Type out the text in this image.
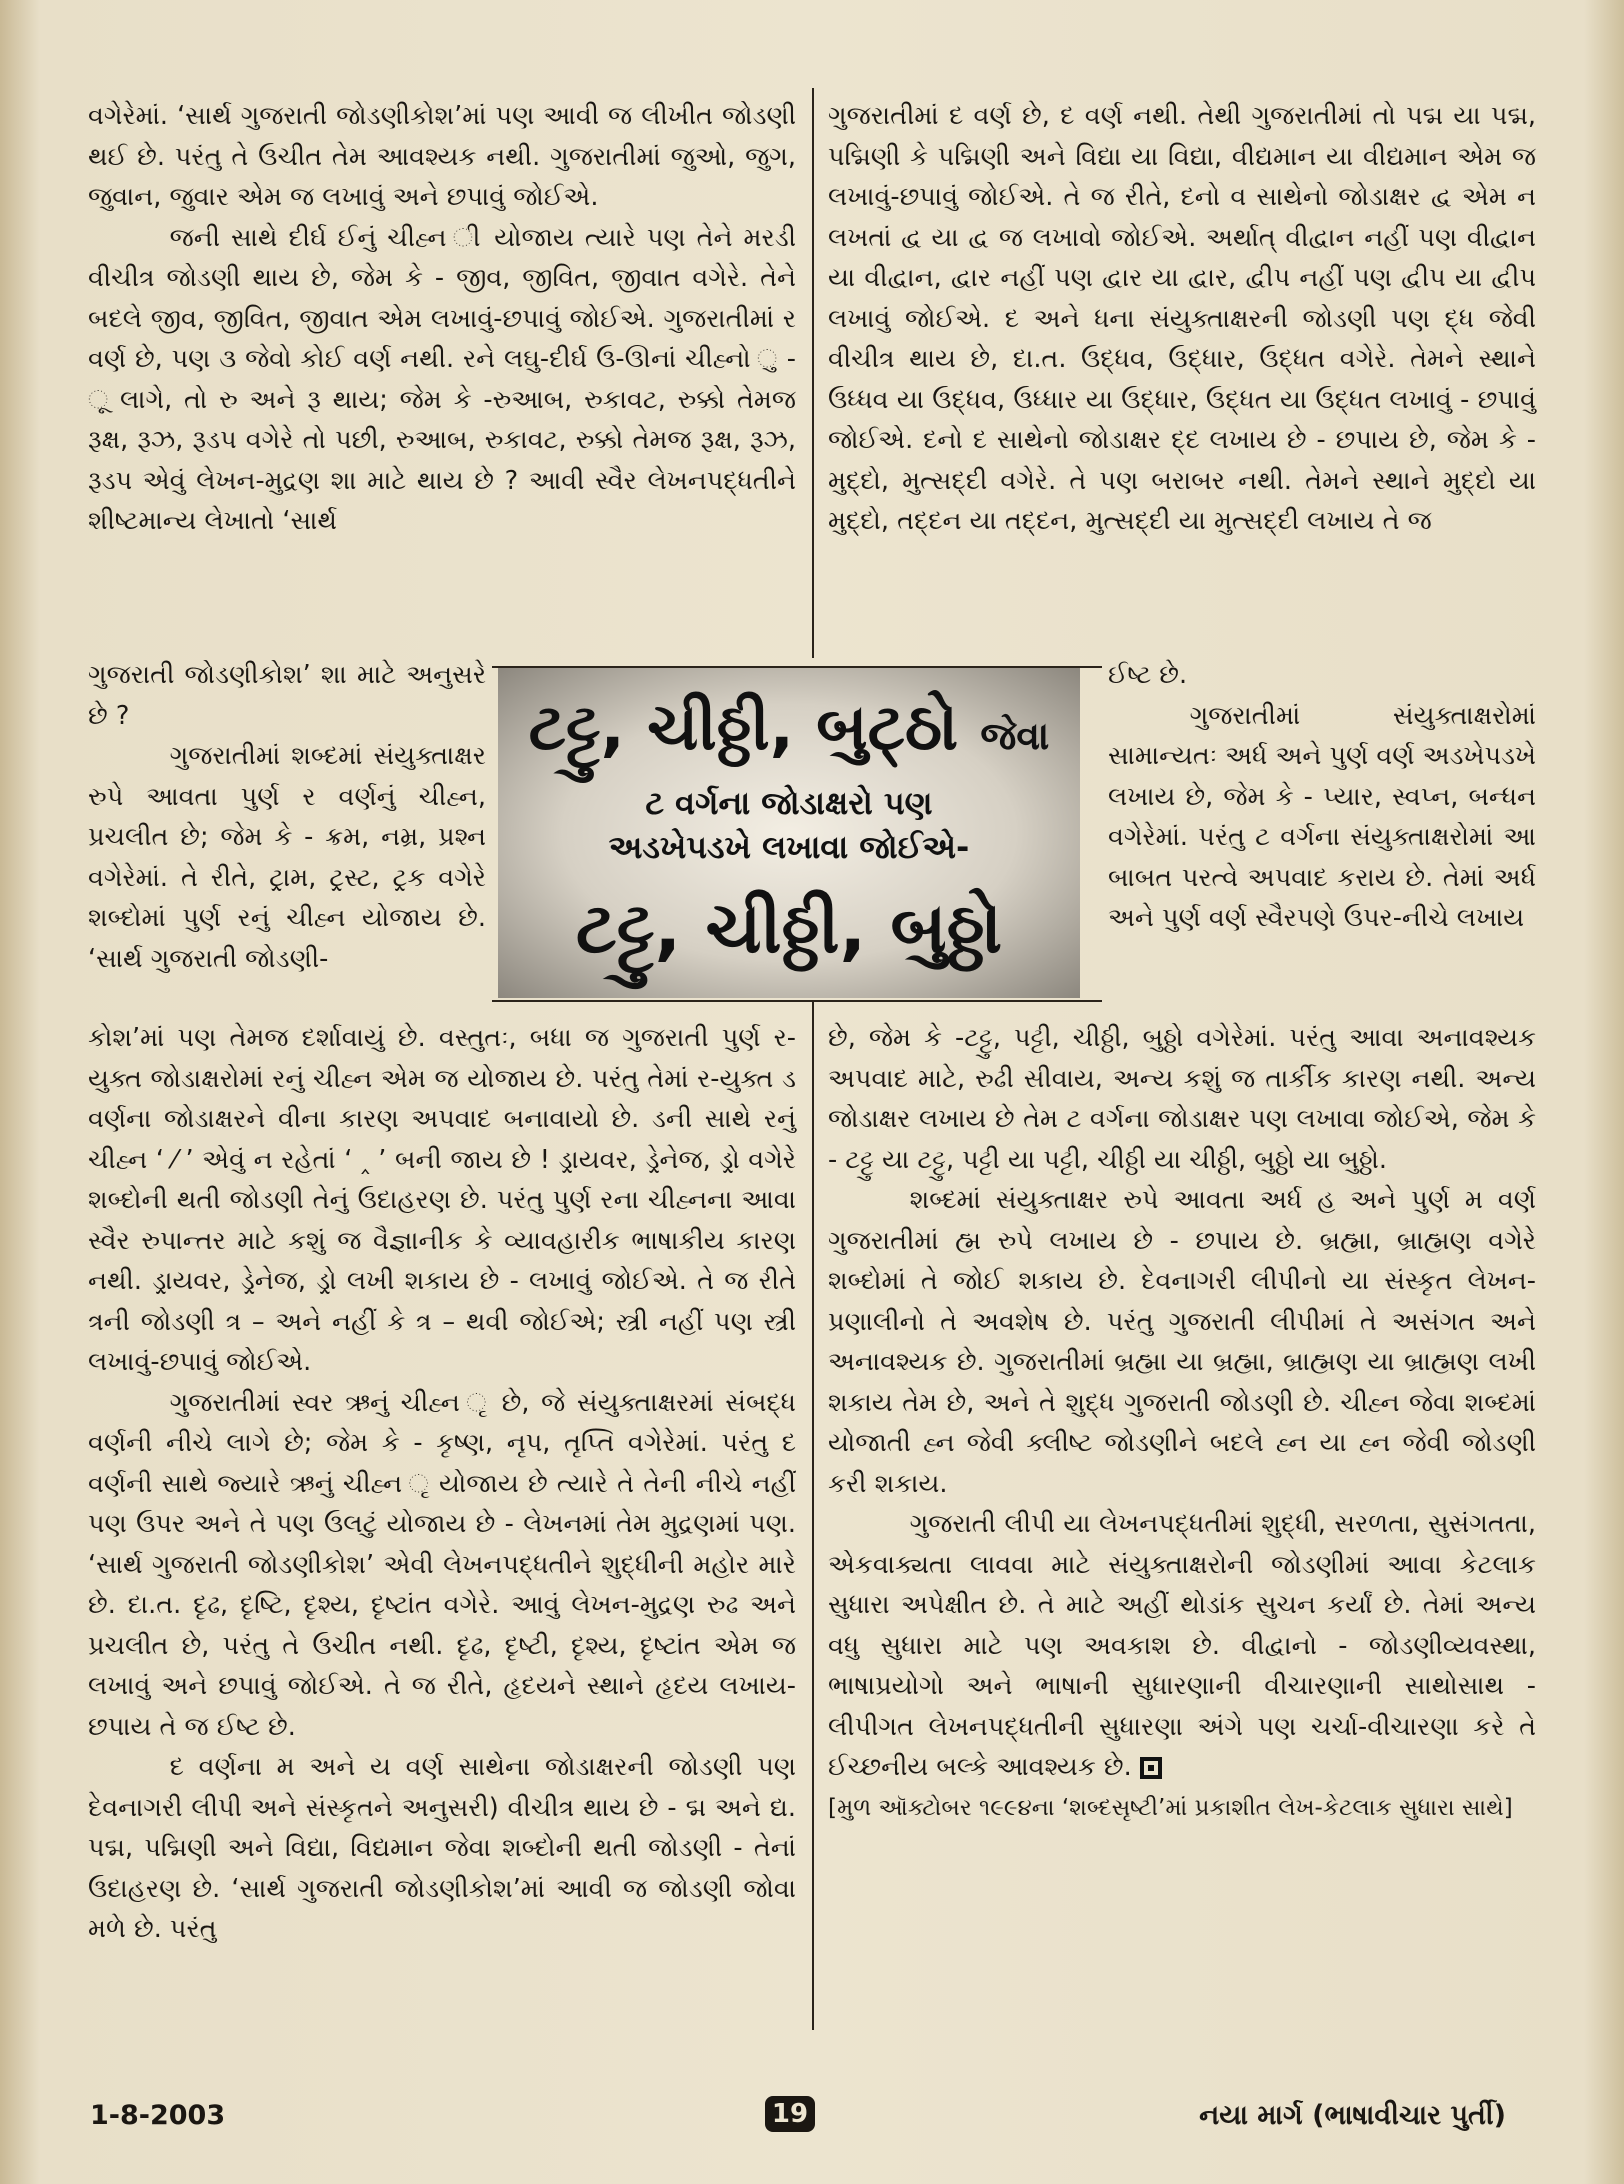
વગેરેમાં. ‘સાર્થ ગુજરાતી જોડણીકોશ’માં પણ આવી જ લીખીત જોડણી થઈ છે. પરંતુ તે ઉચીત તેમ આવશ્યક નથી. ગુજરાતીમાં જુઓ, જુગ, જુવાન, જુવાર એમ જ લખાવું અને છપાવું જોઈએ.

જની સાથે દીર્ઘ ઈનું ચીહ્ન ી યોજાય ત્યારે પણ તેને મરડી વીચીત્ર જોડણી થાય છે, જેમ કે - જીવ, જીવિત, જીવાત વગેરે. તેને બદલે જીવ, જીવિત, જીવાત એમ લખાવું-છપાવું જોઈએ. ગુજરાતીમાં ર વર્ણ છે, પણ ૩ જેવો કોઈ વર્ણ નથી. રને લઘુ-દીર્ઘ ઉ-ઊનાં ચીહ્નો ુ - ૂ લાગે, તો રુ અને રૂ થાય; જેમ કે -રુઆબ, રુકાવટ, રુક્કો તેમજ રૂક્ષ, રૂઝ, રૂડપ વગેરે તો પછી, રુઆબ, રુકાવટ, રુક્કો તેમજ રૂક્ષ, રૂઝ, રૂડપ એવું લેખન-મુદ્રણ શા માટે થાય છે ? આવી સ્વૈર લેખનપદ્ધતીને શીષ્ટમાન્ય લેખાતો ‘સાર્થ

ગુજરાતી જોડણીકોશ’ શા માટે અનુસરે છે ?

ગુજરાતીમાં શબ્દમાં સંયુક્તાક્ષર રુપે આવતા પુર્ણ ર વર્ણનું ચીહ્ન, પ્રચલીત છે; જેમ કે - ક્રમ, નમ્ર, પ્રશ્ન વગેરેમાં. તે રીતે, ટ્રામ, ટ્રસ્ટ, ટ્રક વગેરે શબ્દોમાં પુર્ણ રનું ચીહ્ન યોજાય છે. ‘સાર્થ ગુજરાતી જોડણી-

કોશ’માં પણ તેમજ દર્શાવાયું છે. વસ્તુતઃ, બધા જ ગુજરાતી પુર્ણ ર-યુક્ત જોડાક્ષરોમાં રનું ચીહ્ન એમ જ યોજાય છે. પરંતુ તેમાં ર-યુક્ત ડ વર્ણના જોડાક્ષરને વીના કારણ અપવાદ બનાવાયો છે. ડની સાથે રનું ચીહ્ન ‘ ⁄ ’ એવું ન રહેતાં ‘ ‸ ’ બની જાય છે ! ડ્રાયવર, ડ્રેનેજ, ડ્રો વગેરે શબ્દોની થતી જોડણી તેનું ઉદાહરણ છે. પરંતુ પુર્ણ રના ચીહ્નના આવા સ્વૈર રુપાન્તર માટે કશું જ વૈજ્ઞાનીક કે વ્યાવહારીક ભાષાકીય કારણ નથી. ડ્રાયવર, ડ્રેનેજ, ડ્રો લખી શકાય છે - લખાવું જોઈએ. તે જ રીતે ત્રની જોડણી ત્ર – અને નહીં કે ત્ર – થવી જોઈએ; સ્ત્રી નહીં પણ સ્ત્રી લખાવું-છપાવું જોઈએ.

ગુજરાતીમાં સ્વર ઋનું ચીહ્ન ૃ છે, જે સંયુક્તાક્ષરમાં સંબદ્ધ વર્ણની નીચે લાગે છે; જેમ કે - કૃષ્ણ, નૃપ, તૃપ્તિ વગેરેમાં. પરંતુ દ વર્ણની સાથે જ્યારે ઋનું ચીહ્ન ૃ યોજાય છે ત્યારે તે તેની નીચે નહીં પણ ઉપર અને તે પણ ઉલટું યોજાય છે - લેખનમાં તેમ મુદ્રણમાં પણ. ‘સાર્થ ગુજરાતી જોડણીકોશ’ એવી લેખનપદ્ધતીને શુદ્ધીની મહોર મારે છે. દા.ત. દૃઢ, દૃષ્ટિ, દૃશ્ય, દૃષ્ટાંત વગેરે. આવું લેખન-મુદ્રણ રુઢ અને પ્રચલીત છે, પરંતુ તે ઉચીત નથી. દૃઢ, દૃષ્ટી, દૃશ્ય, દૃષ્ટાંત એમ જ લખાવું અને છપાવું જોઈએ. તે જ રીતે, હૃદયને સ્થાને હૃદય લખાય-છપાય તે જ ઈષ્ટ છે.

દ વર્ણના મ અને ય વર્ણ સાથેના જોડાક્ષરની જોડણી પણ દેવનાગરી લીપી અને સંસ્કૃતને અનુસરી) વીચીત્ર થાય છે - દ્મ અને દ્ય. પદ્મ, પદ્મિણી અને વિદ્યા, વિદ્યમાન જેવા શબ્દોની થતી જોડણી - તેનાં ઉદાહરણ છે. ‘સાર્થ ગુજરાતી જોડણીકોશ’માં આવી જ જોડણી જોવા મળે છે. પરંતુ

ગુજરાતીમાં દ વર્ણ છે, દ વર્ણ નથી. તેથી ગુજરાતીમાં તો પદ્મ યા પદ્મ, પદ્મિણી કે પદ્મિણી અને વિદ્યા યા વિદ્યા, વીદ્યમાન યા વીદ્યમાન એમ જ લખાવું-છપાવું જોઈએ. તે જ રીતે, દનો વ સાથેનો જોડાક્ષર દ્વ એમ ન લખતાં દ્વ યા દ્વ જ લખાવો જોઈએ. અર્થાત્ વીદ્વાન નહીં પણ વીદ્વાન યા વીદ્વાન, દ્વાર નહીં પણ દ્વાર યા દ્વાર, દ્વીપ નહીં પણ દ્વીપ યા દ્વીપ લખાવું જોઈએ. દ અને ધના સંયુક્તાક્ષરની જોડણી પણ દ્ધ જેવી વીચીત્ર થાય છે, દા.ત. ઉદ્ધવ, ઉદ્ધાર, ઉદ્ધત વગેરે. તેમને સ્થાને ઉધ્ધવ યા ઉદ્ધવ, ઉધ્ધાર યા ઉદ્ધાર, ઉદ્ધત યા ઉદ્ધત લખાવું - છપાવું જોઈએ. દનો દ સાથેનો જોડાક્ષર દ્દ લખાય છે - છપાય છે, જેમ કે - મુદ્દો, મુત્સદ્દી વગેરે. તે પણ બરાબર નથી. તેમને સ્થાને મુદ્દો યા મુદ્દો, તદ્દન યા તદ્દન, મુત્સદ્દી યા મુત્સદ્દી લખાય તે જ

ઈષ્ટ છે.

ગુજરાતીમાં સંયુક્તાક્ષરોમાં સામાન્યતઃ અર્ધ અને પુર્ણ વર્ણ અડખેપડખે લખાય છે, જેમ કે - પ્યાર, સ્વપ્ન, બન્ધન વગેરેમાં. પરંતુ ટ વર્ગના સંયુક્તાક્ષરોમાં આ બાબત પરત્વે અપવાદ કરાય છે. તેમાં અર્ધ અને પુર્ણ વર્ણ સ્વૈરપણે ઉપર-નીચે લખાય

છે, જેમ કે -ટટ્ટુ, પટ્ટી, ચીઠ્ઠી, બુઠ્ઠો વગેરેમાં. પરંતુ આવા અનાવશ્યક અપવાદ માટે, રુઢી સીવાય, અન્ય કશું જ તાર્કીક કારણ નથી. અન્ય જોડાક્ષર લખાય છે તેમ ટ વર્ગના જોડાક્ષર પણ લખાવા જોઈએ, જેમ કે - ટટ્ટુ યા ટટ્ટુ, પટ્ટી યા પટ્ટી, ચીઠ્ઠી યા ચીઠ્ઠી, બુઠ્ઠો યા બુઠ્ઠો.

શબ્દમાં સંયુક્તાક્ષર રુપે આવતા અર્ધ હ અને પુર્ણ મ વર્ણ ગુજરાતીમાં હ્મ રુપે લખાય છે - છપાય છે. બ્રહ્મા, બ્રાહ્મણ વગેરે શબ્દોમાં તે જોઈ શકાય છે. દેવનાગરી લીપીનો યા સંસ્કૃત લેખન-પ્રણાલીનો તે અવશેષ છે. પરંતુ ગુજરાતી લીપીમાં તે અસંગત અને અનાવશ્યક છે. ગુજરાતીમાં બ્રહ્મા યા બ્રહ્મા, બ્રાહ્મણ યા બ્રાહ્મણ લખી શકાય તેમ છે, અને તે શુદ્ધ ગુજરાતી જોડણી છે. ચીહ્ન જેવા શબ્દમાં યોજાતી હ્ન જેવી ક્લીષ્ટ જોડણીને બદલે હ્ન યા હ્ન જેવી જોડણી કરી શકાય.

ગુજરાતી લીપી યા લેખનપદ્ધતીમાં શુદ્ધી, સરળતા, સુસંગતતા, એકવાક્યતા લાવવા માટે સંયુક્તાક્ષરોની જોડણીમાં આવા કેટલાક સુધારા અપેક્ષીત છે. તે માટે અહીં થોડાંક સુચન કર્યાં છે. તેમાં અન્ય વધુ સુધારા માટે પણ અવકાશ છે. વીદ્વાનો - જોડણીવ્યવસ્થા, ભાષાપ્રયોગો અને ભાષાની સુધારણાની વીચારણાની સાથોસાથ - લીપીગત લેખનપદ્ધતીની સુધારણા અંગે પણ ચર્ચા-વીચારણા કરે તે ઈચ્છનીય બલ્કે આવશ્યક છે.

[મુળ ઑક્ટોબર ૧૯૯૪ના ‘શબ્દસૃષ્ટી’માં પ્રકાશીત લેખ-કેટલાક સુધારા સાથે]

ટટ્ટુ, ચીઠ્ઠી, બુટ્ઠો જેવા
ટ વર્ગના જોડાક્ષરો પણ
અડખેપડખે લખાવા જોઈએ-
ટટ્ટુ, ચીઠ્ઠી, બુઠ્ઠો
1-8-2003	19	નયા માર્ગ (ભાષાવીચાર પુર્તી)
